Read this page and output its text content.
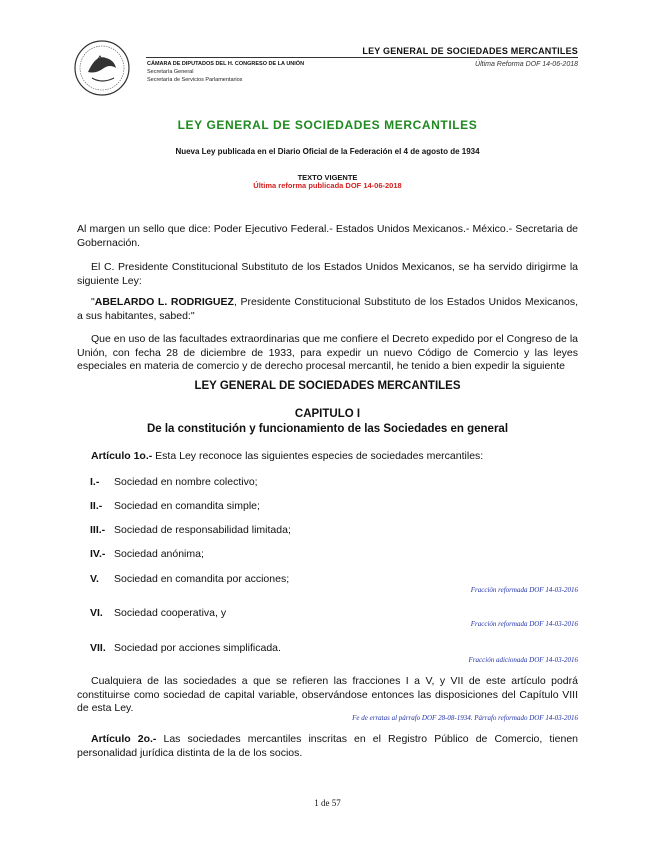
LEY GENERAL DE SOCIEDADES MERCANTILES
CÁMARA DE DIPUTADOS DEL H. CONGRESO DE LA UNIÓN
Secretaría General
Secretaría de Servicios Parlamentarios
Última Reforma DOF 14-06-2018
LEY GENERAL DE SOCIEDADES MERCANTILES
Nueva Ley publicada en el Diario Oficial de la Federación el 4 de agosto de 1934
TEXTO VIGENTE
Última reforma publicada DOF 14-06-2018
Al margen un sello que dice: Poder Ejecutivo Federal.- Estados Unidos Mexicanos.- México.- Secretaria de Gobernación.
El C. Presidente Constitucional Substituto de los Estados Unidos Mexicanos, se ha servido dirigirme la siguiente Ley:
"ABELARDO L. RODRIGUEZ, Presidente Constitucional Substituto de los Estados Unidos Mexicanos, a sus habitantes, sabed:"
Que en uso de las facultades extraordinarias que me confiere el Decreto expedido por el Congreso de la Unión, con fecha 28 de diciembre de 1933, para expedir un nuevo Código de Comercio y las leyes especiales en materia de comercio y de derecho procesal mercantil, he tenido a bien expedir la siguiente
LEY GENERAL DE SOCIEDADES MERCANTILES
CAPITULO I
De la constitución y funcionamiento de las Sociedades en general
Artículo 1o.- Esta Ley reconoce las siguientes especies de sociedades mercantiles:
I.- Sociedad en nombre colectivo;
II.- Sociedad en comandita simple;
III.- Sociedad de responsabilidad limitada;
IV.- Sociedad anónima;
V. Sociedad en comandita por acciones;
Fracción reformada DOF 14-03-2016
VI. Sociedad cooperativa, y
Fracción reformada DOF 14-03-2016
VII. Sociedad por acciones simplificada.
Fracción adicionada DOF 14-03-2016
Cualquiera de las sociedades a que se refieren las fracciones I a V, y VII de este artículo podrá constituirse como sociedad de capital variable, observándose entonces las disposiciones del Capítulo VIII de esta Ley.
Fe de erratas al párrafo DOF 28-08-1934. Párrafo reformado DOF 14-03-2016
Artículo 2o.- Las sociedades mercantiles inscritas en el Registro Público de Comercio, tienen personalidad jurídica distinta de la de los socios.
1 de 57
